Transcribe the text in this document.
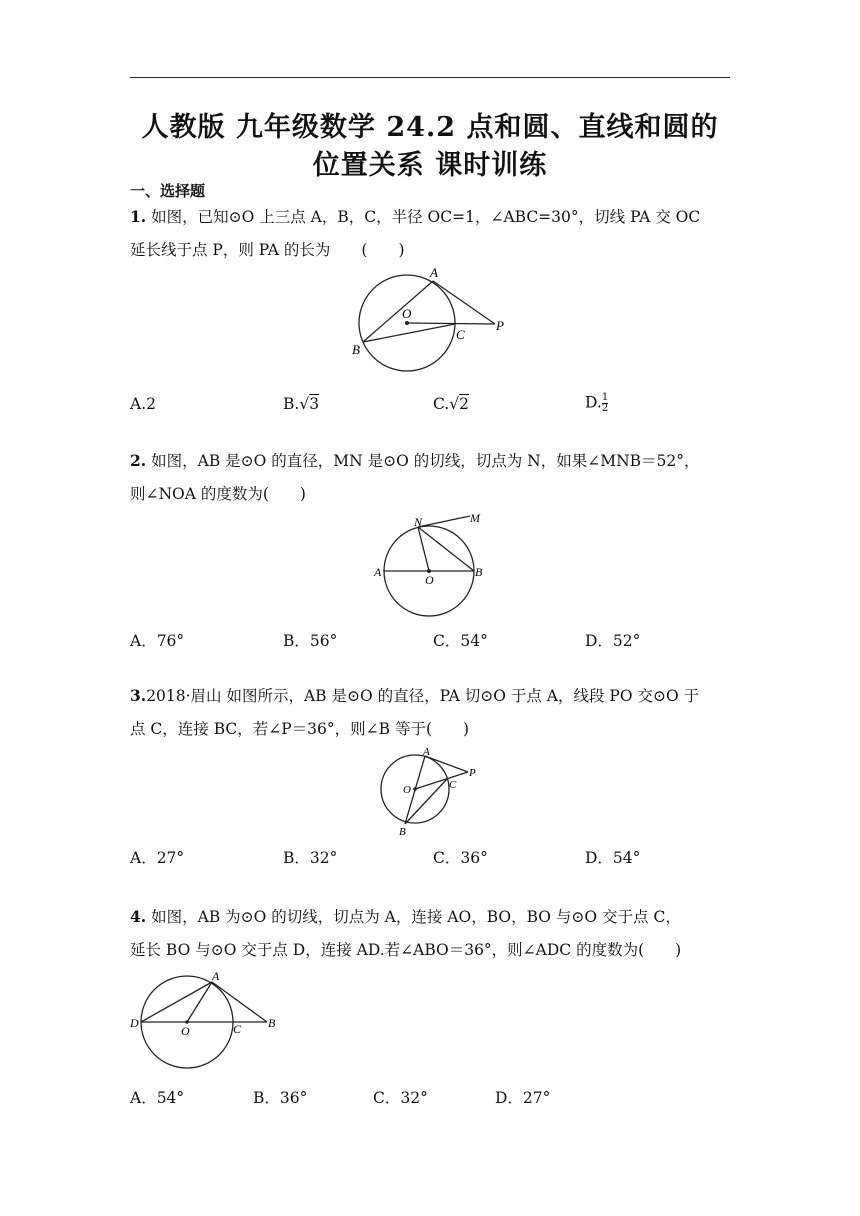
人教版 九年级数学 24.2 点和圆、直线和圆的
位置关系 课时训练
一、选择题
1. 如图，已知⊙O 上三点 A，B，C，半径 OC=1，∠ABC=30°，切线 PA 交 OC
延长线于点 P，则 PA 的长为　　(　　)
A
O
C
P
B
A.2	B.√3	C.√2	D. $\frac{1}{2}$
2. 如图，AB 是⊙O 的直径，MN 是⊙O 的切线，切点为 N，如果∠MNB＝52°，
则∠NOA 的度数为(　　)
N	M
A
O
B
A．76°	B．56°	C．54°	D．52°
3.2018·眉山 如图所示，AB 是⊙O 的直径，PA 切⊙O 于点 A，线段 PO 交⊙O 于
点 C，连接 BC，若∠P＝36°，则∠B 等于(　　)
A
P
O	C
B
A．27°	B．32°	C．36°	D．54°
4. 如图，AB 为⊙O 的切线，切点为 A，连接 AO，BO，BO 与⊙O 交于点 C，
延长 BO 与⊙O 交于点 D，连接 AD.若∠ABO＝36°，则∠ADC 的度数为(　　)
A
D
O	C B
A．54°	B．36°	C．32°	D．27°
